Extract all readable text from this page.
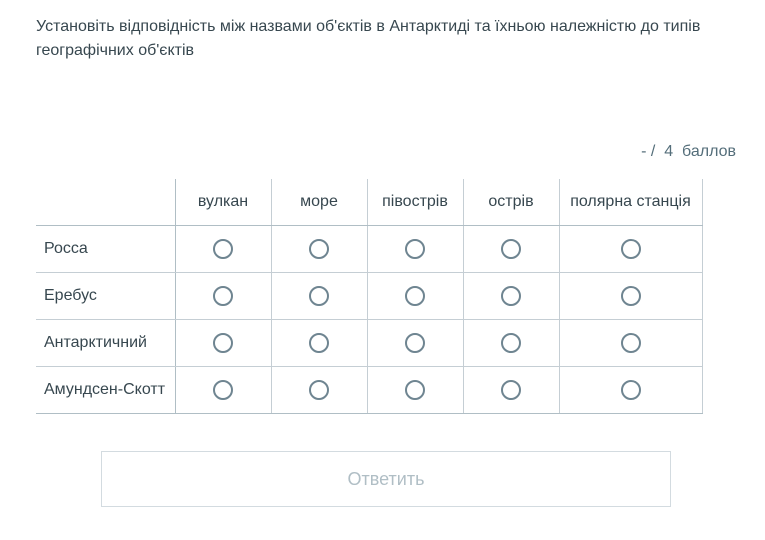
Установіть відповідність між назвами об'єктів в Антарктиді та їхньою належністю до типів географічних об'єктів

- /  4  баллов
	вулкан	море	півострів	острів	полярна станція
Росса					
Еребус					
Антарктичний					
Амундсен-Скотт					
Ответить
